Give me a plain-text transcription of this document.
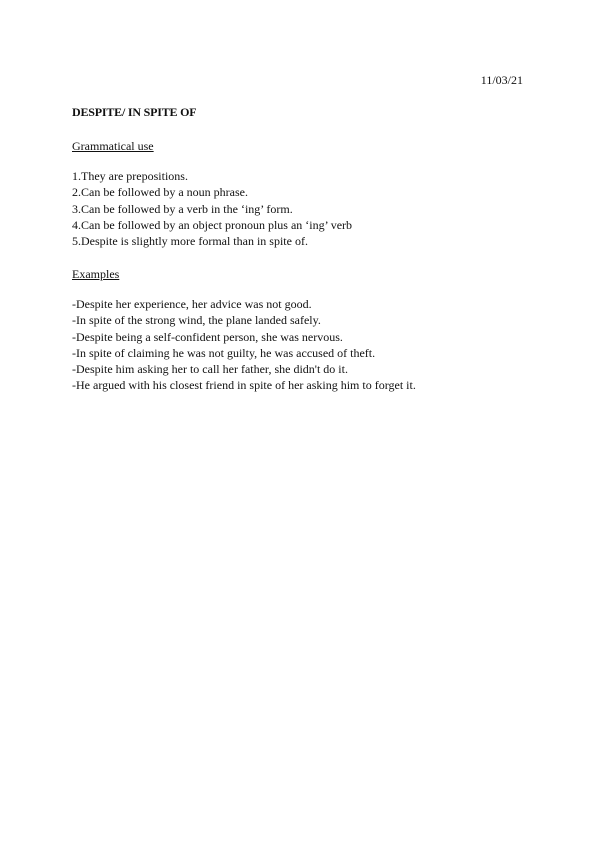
11/03/21
DESPITE/ IN SPITE OF
Grammatical use
1.They are prepositions.
2.Can be followed by a noun phrase.
3.Can be followed by a verb in the ‘ing’ form.
4.Can be followed by an object pronoun plus an ‘ing’ verb
5.Despite is slightly more formal than in spite of.
Examples
-Despite her experience, her advice was not good.
-In spite of the strong wind, the plane landed safely.
-Despite being a self-confident person, she was nervous.
-In spite of claiming he was not guilty, he was accused of theft.
-Despite him asking her to call her father, she didn't do it.
-He argued with his closest friend in spite of her asking him to forget it.
